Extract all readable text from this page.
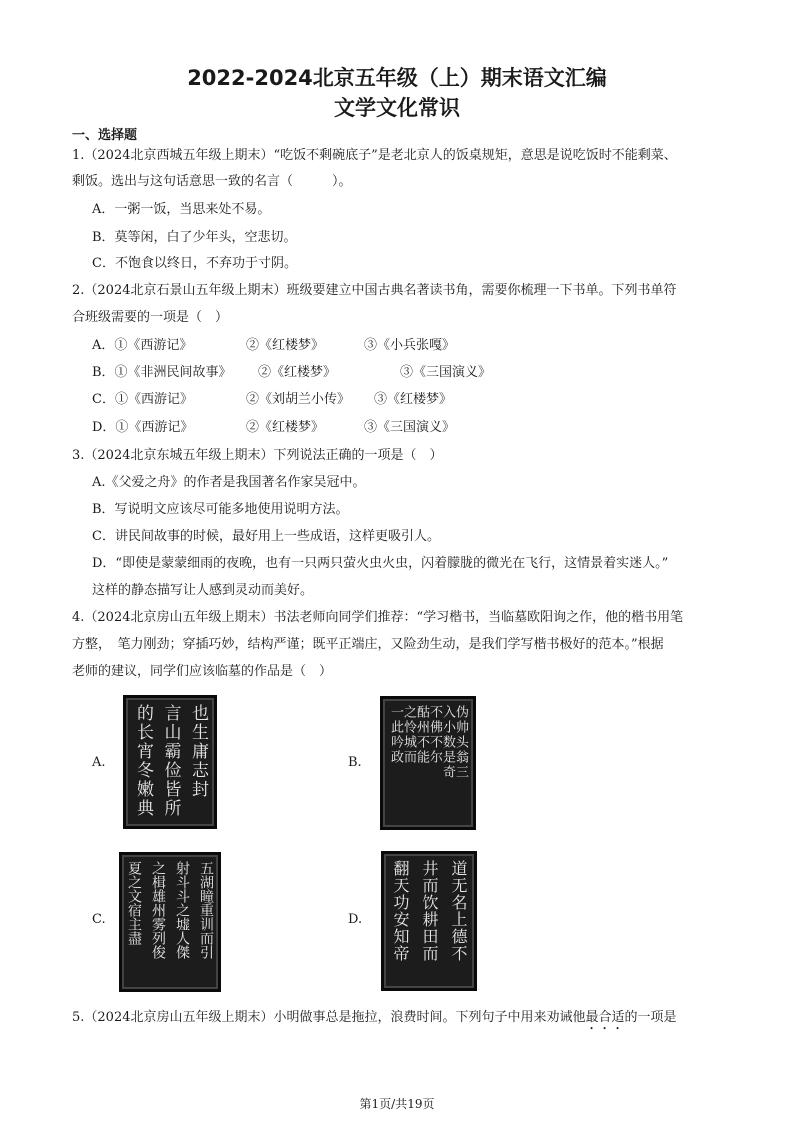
2022-2024北京五年级（上）期末语文汇编
文学文化常识
一、选择题
1.（2024北京西城五年级上期末）“吃饭不剩碗底子”是老北京人的饭桌规矩，意思是说吃饭时不能剩菜、
剩饭。选出与这句话意思一致的名言（　　　）。
A．一粥一饭，当思来处不易。
B．莫等闲，白了少年头，空悲切。
C．不饱食以终日，不弃功于寸阴。
2.（2024北京石景山五年级上期末）班级要建立中国古典名著读书角，需要你梳理一下书单。下列书单符
合班级需要的一项是（　）
A．①《西游记》	②《红楼梦》	③《小兵张嘎》
B．①《非洲民间故事》 ②《红楼梦》	③《三国演义》
C．①《西游记》	②《刘胡兰小传》 ③《红楼梦》
D．①《西游记》	②《红楼梦》	③《三国演义》
3.（2024北京东城五年级上期末）下列说法正确的一项是（　）
A.《父爱之舟》的作者是我国著名作家吴冠中。
B．写说明文应该尽可能多地使用说明方法。
C．讲民间故事的时候，最好用上一些成语，这样更吸引人。
D．“即使是蒙蒙细雨的夜晚，也有一只两只萤火虫火虫，闪着朦胧的微光在飞行，这情景着实迷人。”
这样的静态描写让人感到灵动而美好。
4.（2024北京房山五年级上期末）书法老师向同学们推荐：“学习楷书，当临墓欧阳询之作，他的楷书用笔
方整，　笔力刚劲；穿插巧妙，结构严谨；既平正端庄，又险劲生动，是我们学写楷书极好的范本。”根据
老师的建议，同学们应该临墓的作品是（　）
A.	也生庸志封
言山霸俭皆所
的长宵冬嫩典	B.	伪帅头翁三
入小数是奇
不佛不尔
酤州不能
之怜城而
一此吟政
C.	五湖瞳重训而引
射斗斗之墟人傑
之楫雄州雾列俊
夏之文宿主盡	D.	道无名上德不
井而饮耕田而
翻天功安知帝
5.（2024北京房山五年级上期末）小明做事总是拖拉，浪费时间。下列句子中用来劝诫他最合适的一项是
第1页/共19页
